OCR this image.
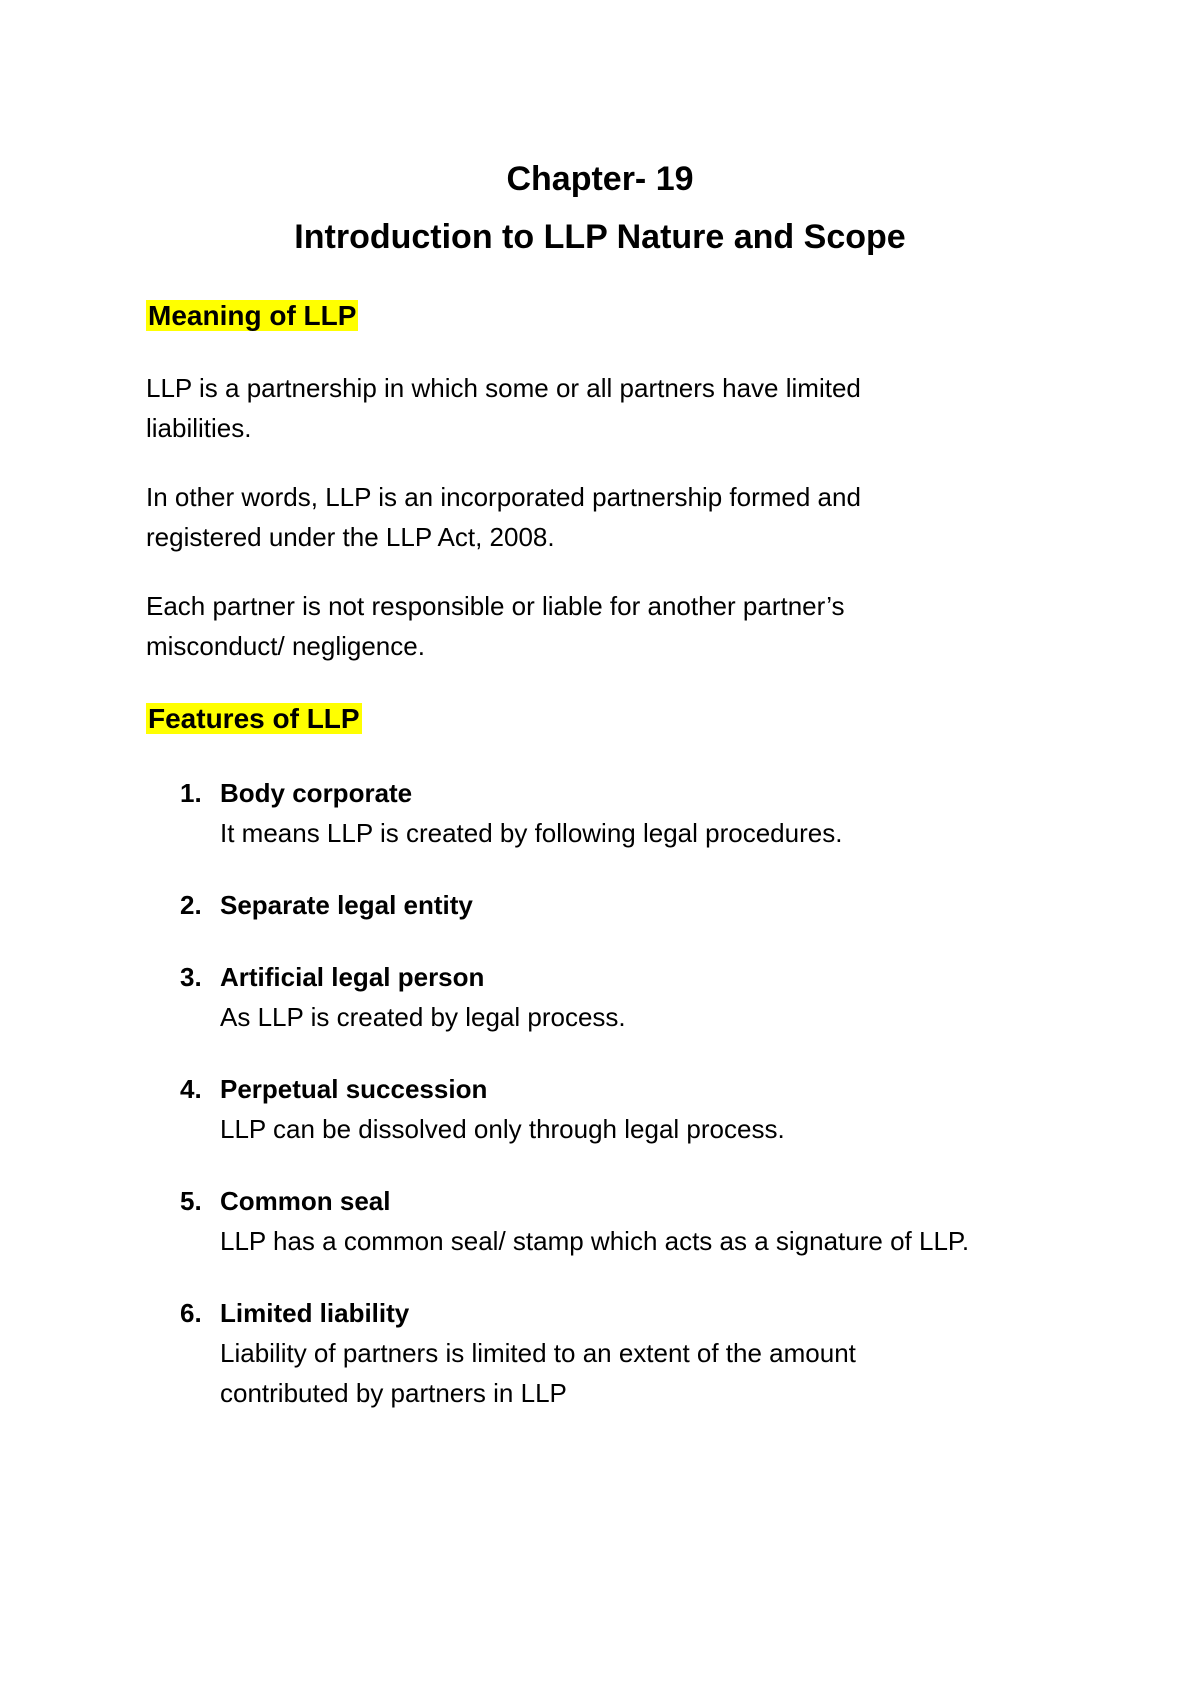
Chapter- 19

Introduction to LLP Nature and Scope

Meaning of LLP

LLP is a partnership in which some or all partners have limited

liabilities.

In other words, LLP is an incorporated partnership formed and

registered under the LLP Act, 2008.

Each partner is not responsible or liable for another partner’s

misconduct/ negligence.

Features of LLP

1. Body corporate

It means LLP is created by following legal procedures.

2. Separate legal entity

3. Artificial legal person

As LLP is created by legal process.

4. Perpetual succession

LLP can be dissolved only through legal process.

5. Common seal

LLP has a common seal/ stamp which acts as a signature of LLP.

6. Limited liability

Liability of partners is limited to an extent of the amount

contributed by partners in LLP
